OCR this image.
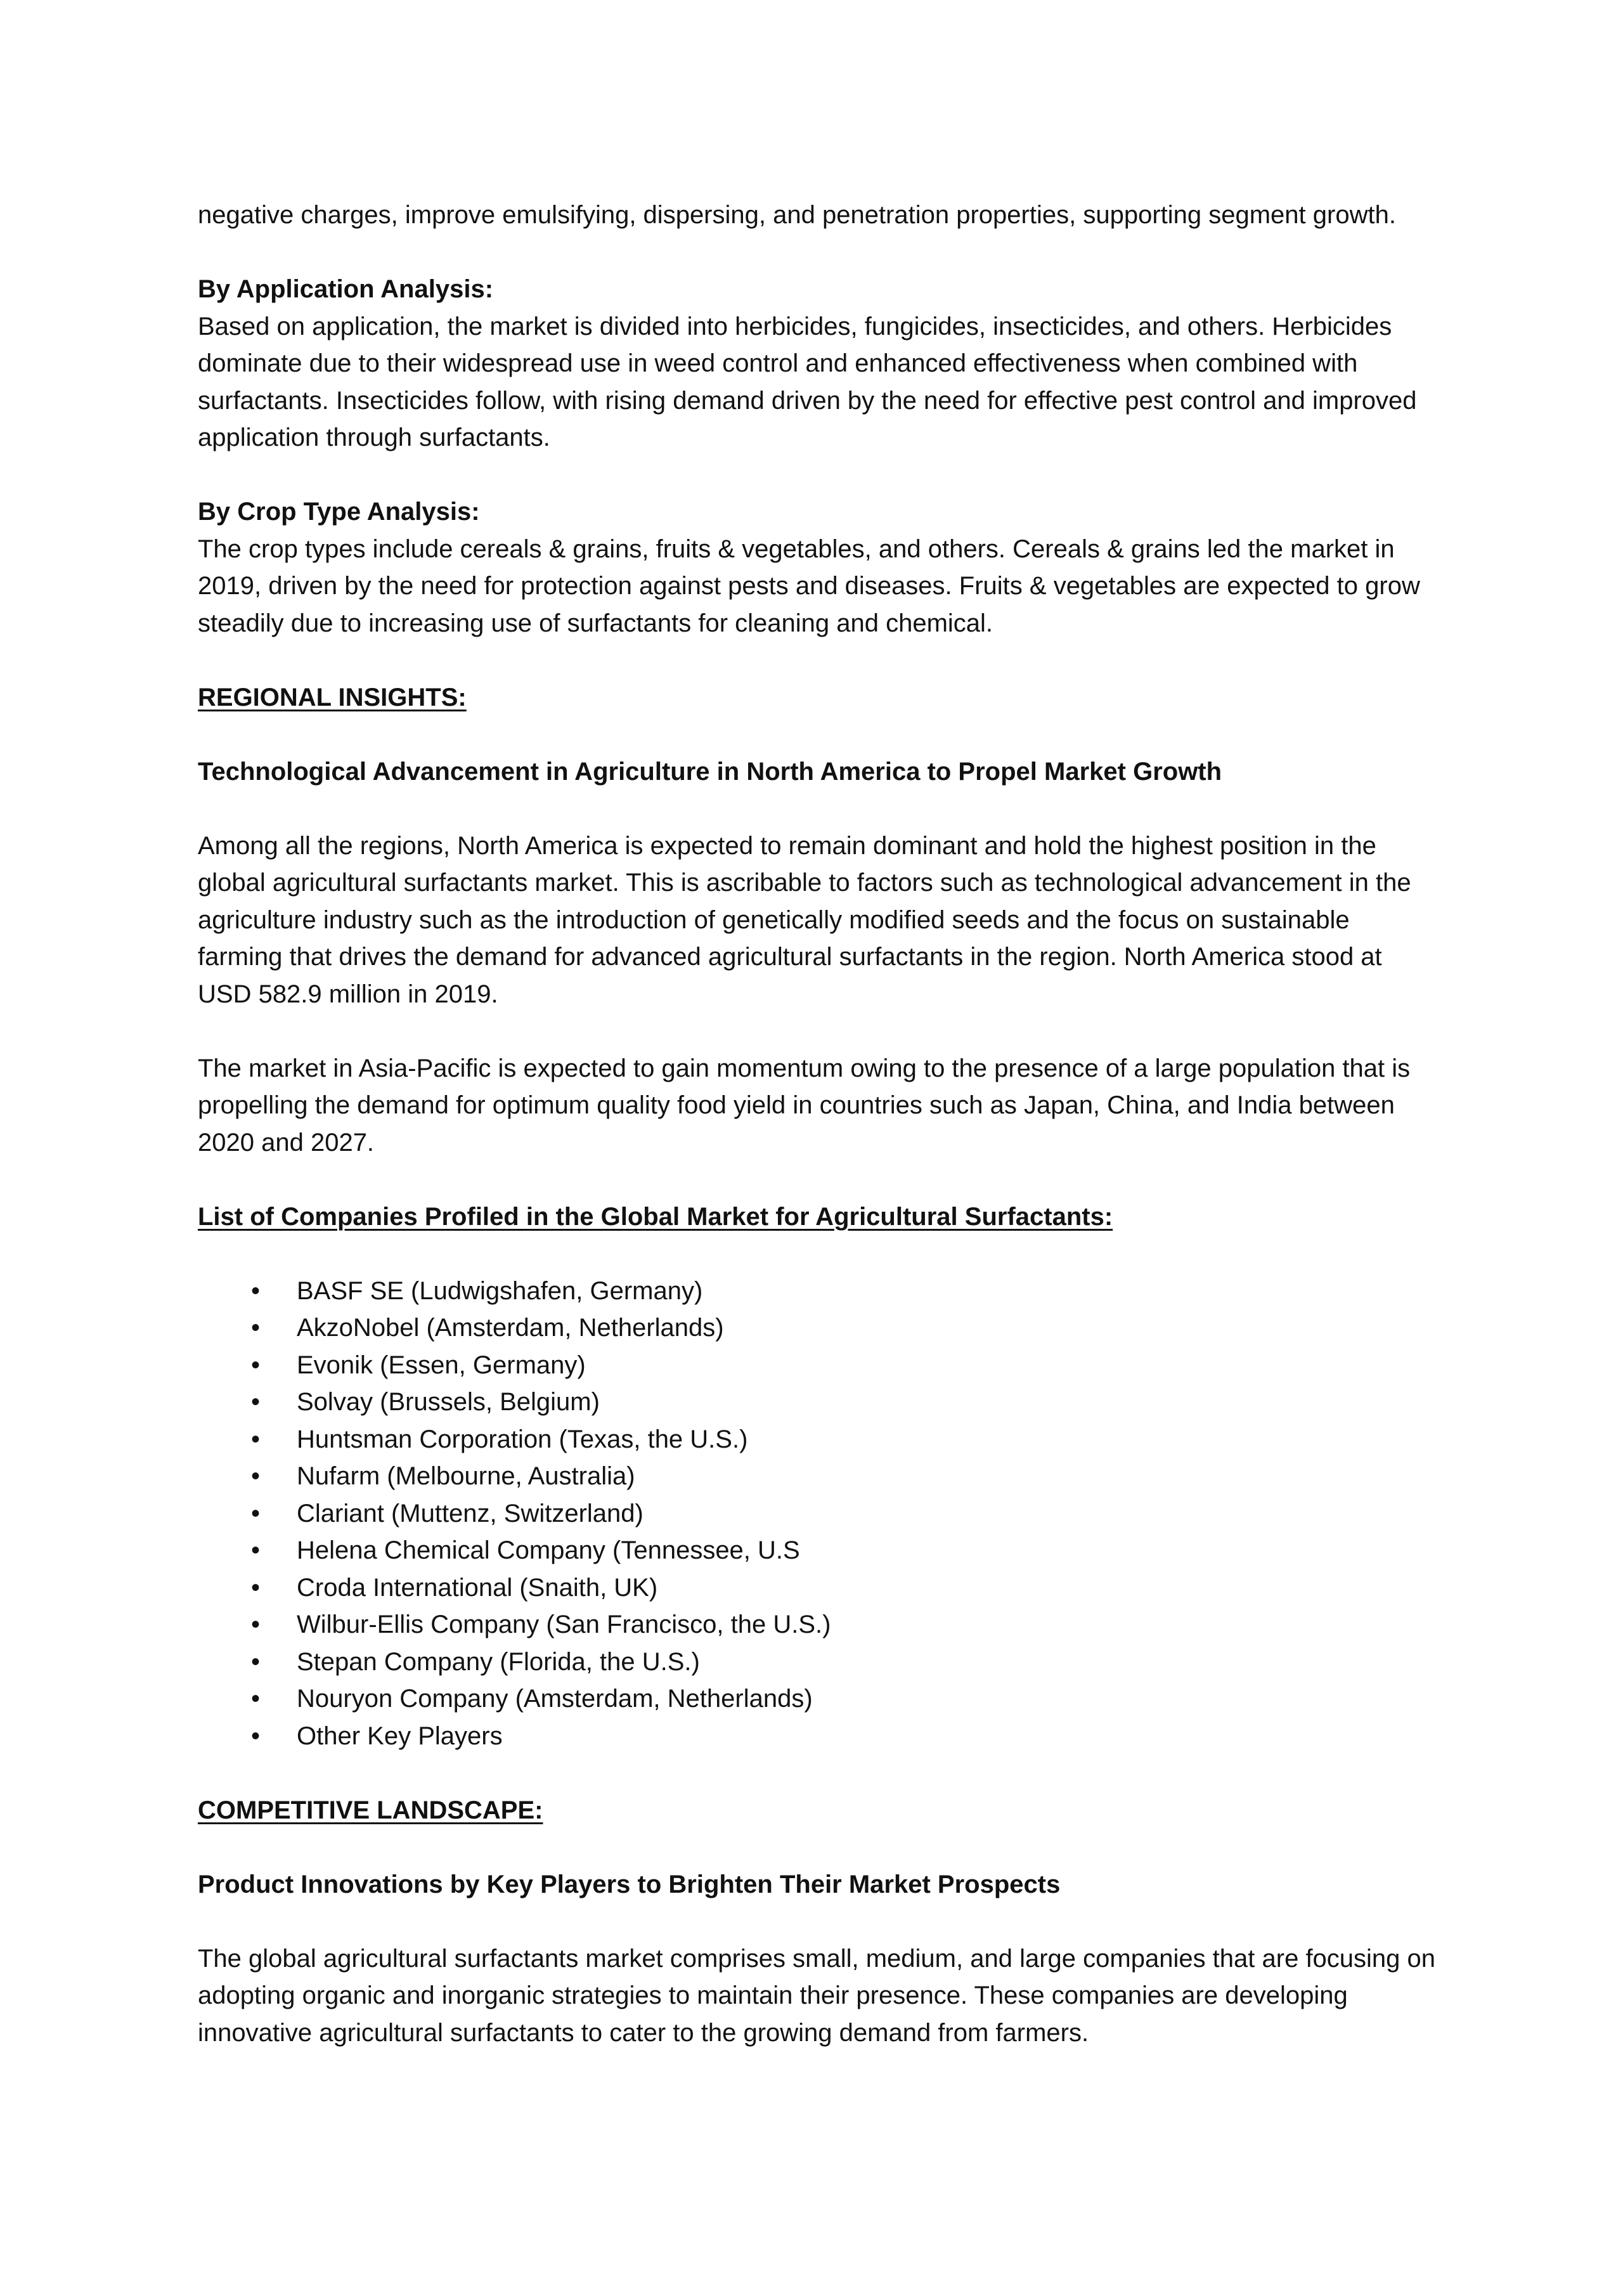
negative charges, improve emulsifying, dispersing, and penetration properties, supporting segment growth.

By Application Analysis:

Based on application, the market is divided into herbicides, fungicides, insecticides, and others. Herbicides dominate due to their widespread use in weed control and enhanced effectiveness when combined with surfactants. Insecticides follow, with rising demand driven by the need for effective pest control and improved application through surfactants.

By Crop Type Analysis:

The crop types include cereals & grains, fruits & vegetables, and others. Cereals & grains led the market in 2019, driven by the need for protection against pests and diseases. Fruits & vegetables are expected to grow steadily due to increasing use of surfactants for cleaning and chemical.

REGIONAL INSIGHTS:

Technological Advancement in Agriculture in North America to Propel Market Growth

Among all the regions, North America is expected to remain dominant and hold the highest position in the global agricultural surfactants market. This is ascribable to factors such as technological advancement in the agriculture industry such as the introduction of genetically modified seeds and the focus on sustainable farming that drives the demand for advanced agricultural surfactants in the region. North America stood at USD 582.9 million in 2019.

The market in Asia-Pacific is expected to gain momentum owing to the presence of a large population that is propelling the demand for optimum quality food yield in countries such as Japan, China, and India between 2020 and 2027.

List of Companies Profiled in the Global Market for Agricultural Surfactants:

• BASF SE (Ludwigshafen, Germany)
• AkzoNobel (Amsterdam, Netherlands)
• Evonik (Essen, Germany)
• Solvay (Brussels, Belgium)
• Huntsman Corporation (Texas, the U.S.)
• Nufarm (Melbourne, Australia)
• Clariant (Muttenz, Switzerland)
• Helena Chemical Company (Tennessee, U.S
• Croda International (Snaith, UK)
• Wilbur-Ellis Company (San Francisco, the U.S.)
• Stepan Company (Florida, the U.S.)
• Nouryon Company (Amsterdam, Netherlands)
• Other Key Players

COMPETITIVE LANDSCAPE:

Product Innovations by Key Players to Brighten Their Market Prospects

The global agricultural surfactants market comprises small, medium, and large companies that are focusing on adopting organic and inorganic strategies to maintain their presence. These companies are developing innovative agricultural surfactants to cater to the growing demand from farmers.
